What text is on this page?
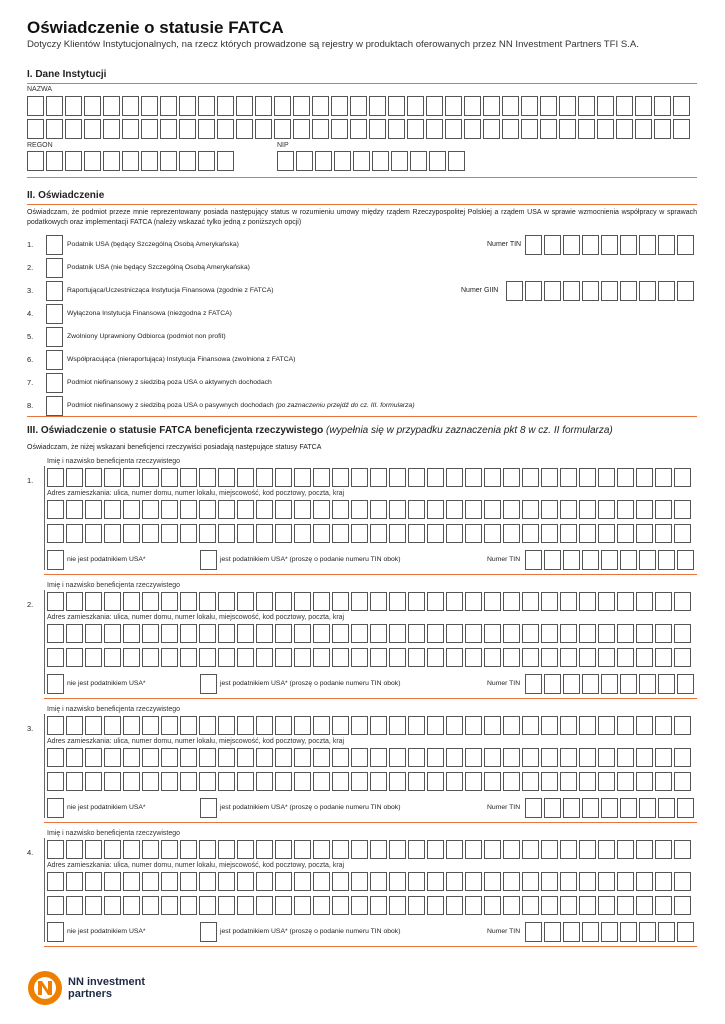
Oświadczenie o statusie FATCA
Dotyczy Klientów Instytucjonalnych, na rzecz których prowadzone są rejestry w produktach oferowanych przez NN Investment Partners TFI S.A.
I. Dane Instytucji
NAZWA
REGON	NIP
II. Oświadczenie
Oświadczam, że podmiot przeze mnie reprezentowany posiada następujący status w rozumieniu umowy między rządem Rzeczypospolitej Polskiej a rządem USA w sprawie wzmocnienia współpracy w sprawach podatkowych oraz implementacji FATCA (należy wskazać tylko jedną z poniższych opcji)
1.	Podatnik USA (będący Szczególną Osobą Amerykańska)	Numer TIN
2.	Podatnik USA (nie będący Szczególną Osobą Amerykańska)
3.	Raportująca/Uczestnicząca Instytucja Finansowa (zgodnie z FATCA)	Numer GIIN
4.	Wyłączona Instytucja Finansowa (niezgodna z FATCA)
5.	Zwolniony Uprawniony Odbiorca (podmiot non profit)
6.	Współpracująca (nieraportująca) Instytucja Finansowa (zwolniona z FATCA)
7.	Podmiot niefinansowy z siedzibą poza USA o aktywnych dochodach
8.	Podmiot niefinansowy z siedzibą poza USA o pasywnych dochodach (po zaznaczeniu przejdź do cz. III. formularza)
III. Oświadczenie o statusie FATCA beneficjenta rzeczywistego (wypełnia się w przypadku zaznaczenia pkt 8 w cz. II formularza)
Oświadczam, że niżej wskazani beneficjenci rzeczywiści posiadają następujące statusy FATCA
1.
Imię i nazwisko beneficjenta rzeczywistego
Adres zamieszkania: ulica, numer domu, numer lokalu, miejscowość, kod pocztowy, poczta, kraj
nie jest podatnikiem USA*	jest podatnikiem USA* (proszę o podanie numeru TIN obok)	Numer TIN
2.
Imię i nazwisko beneficjenta rzeczywistego
Adres zamieszkania: ulica, numer domu, numer lokalu, miejscowość, kod pocztowy, poczta, kraj
nie jest podatnikiem USA*	jest podatnikiem USA* (proszę o podanie numeru TIN obok)	Numer TIN
3.
Imię i nazwisko beneficjenta rzeczywistego
Adres zamieszkania: ulica, numer domu, numer lokalu, miejscowość, kod pocztowy, poczta, kraj
nie jest podatnikiem USA*	jest podatnikiem USA* (proszę o podanie numeru TIN obok)	Numer TIN
4.
Imię i nazwisko beneficjenta rzeczywistego
Adres zamieszkania: ulica, numer domu, numer lokalu, miejscowość, kod pocztowy, poczta, kraj
nie jest podatnikiem USA*	jest podatnikiem USA* (proszę o podanie numeru TIN obok)	Numer TIN
NN investment
partners
